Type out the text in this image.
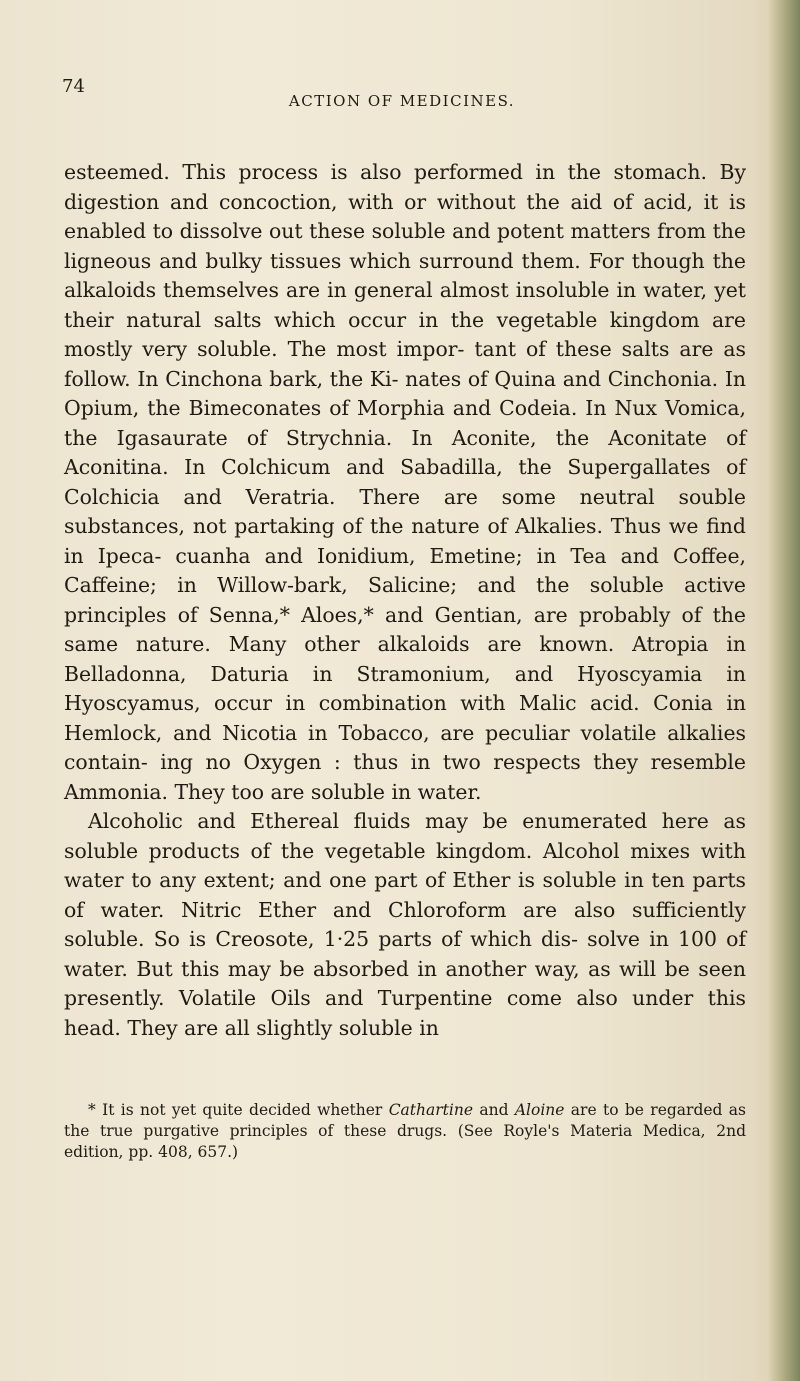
74
ACTION OF MEDICINES.

esteemed. This process is also performed in the stomach. By digestion and concoction, with or without the aid of acid, it is enabled to dissolve out these soluble and potent matters from the ligneous and bulky tissues which surround them. For though the alkaloids themselves are in general almost insoluble in water, yet their natural salts which occur in the vegetable kingdom are mostly very soluble. The most impor- tant of these salts are as follow. In Cinchona bark, the Ki- nates of Quina and Cinchonia. In Opium, the Bimeconates of Morphia and Codeia. In Nux Vomica, the Igasaurate of Strychnia. In Aconite, the Aconitate of Aconitina. In Colchicum and Sabadilla, the Supergallates of Colchicia and Veratria. There are some neutral souble substances, not partaking of the nature of Alkalies. Thus we find in Ipeca- cuanha and Ionidium, Emetine; in Tea and Coffee, Caffeine; in Willow-bark, Salicine; and the soluble active principles of Senna,* Aloes,* and Gentian, are probably of the same nature. Many other alkaloids are known. Atropia in Belladonna, Daturia in Stramonium, and Hyoscyamia in Hyoscyamus, occur in combination with Malic acid. Conia in Hemlock, and Nicotia in Tobacco, are peculiar volatile alkalies contain- ing no Oxygen : thus in two respects they resemble Ammonia. They too are soluble in water.

Alcoholic and Ethereal fluids may be enumerated here as soluble products of the vegetable kingdom. Alcohol mixes with water to any extent; and one part of Ether is soluble in ten parts of water. Nitric Ether and Chloroform are also sufficiently soluble. So is Creosote, 1·25 parts of which dis- solve in 100 of water. But this may be absorbed in another way, as will be seen presently. Volatile Oils and Turpentine come also under this head. They are all slightly soluble in

* It is not yet quite decided whether Cathartine and Aloine are to be regarded as the true purgative principles of these drugs. (See Royle's Materia Medica, 2nd edition, pp. 408, 657.)
